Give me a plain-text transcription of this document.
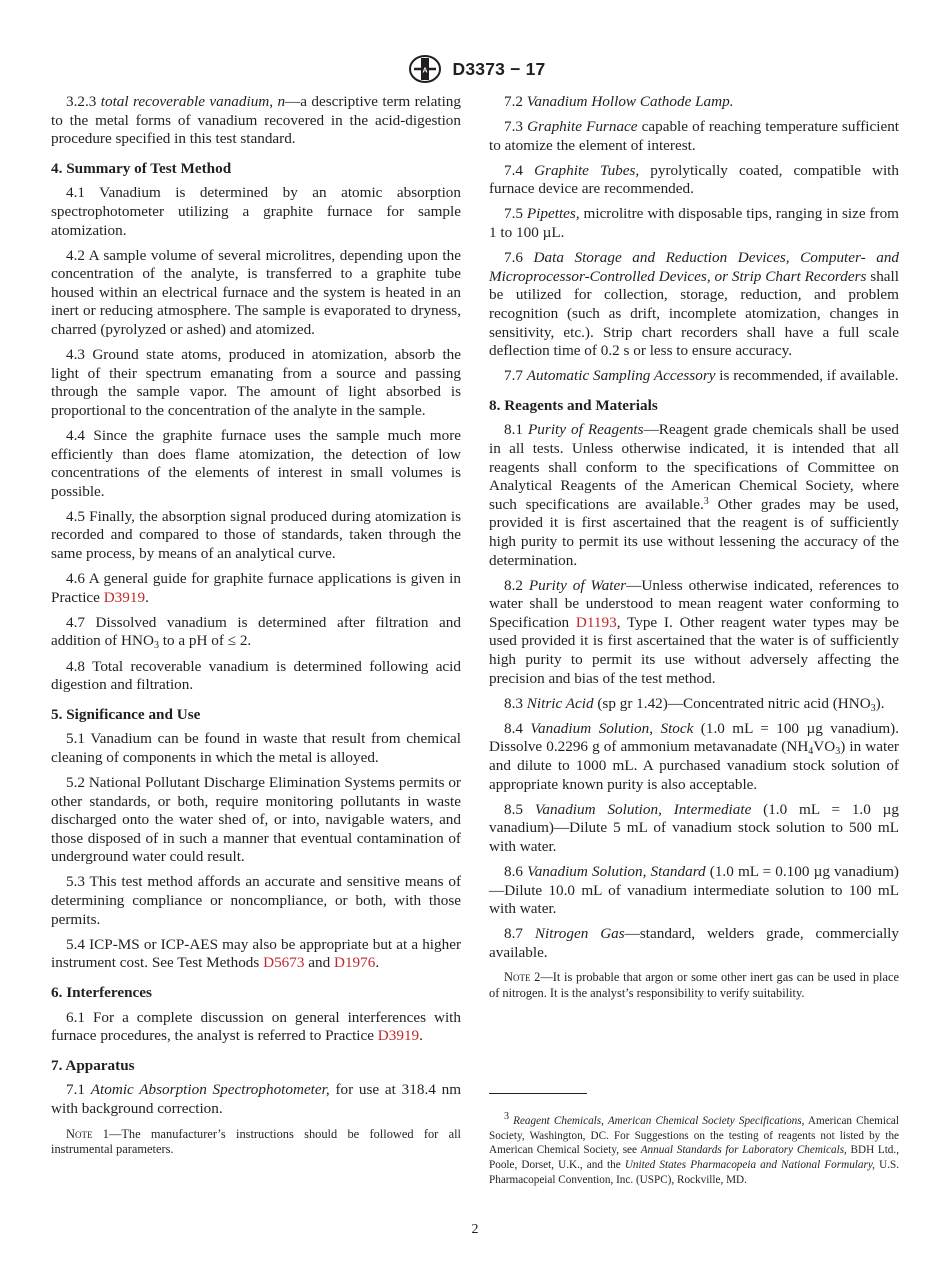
A D3373 − 17

3.2.3 total recoverable vanadium, n—a descriptive term relating to the metal forms of vanadium recovered in the acid-digestion procedure specified in this test standard.

4. Summary of Test Method

4.1 Vanadium is determined by an atomic absorption spectrophotometer utilizing a graphite furnace for sample atomization.

4.2 A sample volume of several microlitres, depending upon the concentration of the analyte, is transferred to a graphite tube housed within an electrical furnace and the system is heated in an inert or reducing atmosphere. The sample is evaporated to dryness, charred (pyrolyzed or ashed) and atomized.

4.3 Ground state atoms, produced in atomization, absorb the light of their spectrum emanating from a source and passing through the sample vapor. The amount of light absorbed is proportional to the concentration of the analyte in the sample.

4.4 Since the graphite furnace uses the sample much more efficiently than does flame atomization, the detection of low concentrations of the elements of interest in small volumes is possible.

4.5 Finally, the absorption signal produced during atomization is recorded and compared to those of standards, taken through the same process, by means of an analytical curve.

4.6 A general guide for graphite furnace applications is given in Practice D3919.

4.7 Dissolved vanadium is determined after filtration and addition of $HNO_3$ to a pH of ≤ 2.

4.8 Total recoverable vanadium is determined following acid digestion and filtration.

5. Significance and Use

5.1 Vanadium can be found in waste that result from chemical cleaning of components in which the metal is alloyed.

5.2 National Pollutant Discharge Elimination Systems permits or other standards, or both, require monitoring pollutants in waste discharged onto the water shed of, or into, navigable waters, and those disposed of in such a manner that eventual contamination of underground water could result.

5.3 This test method affords an accurate and sensitive means of determining compliance or noncompliance, or both, with those permits.

5.4 ICP-MS or ICP-AES may also be appropriate but at a higher instrument cost. See Test Methods D5673 and D1976.

6. Interferences

6.1 For a complete discussion on general interferences with furnace procedures, the analyst is referred to Practice D3919.

7. Apparatus

7.1 Atomic Absorption Spectrophotometer, for use at 318.4 nm with background correction.

Note 1—The manufacturer’s instructions should be followed for all instrumental parameters.

7.2 Vanadium Hollow Cathode Lamp.

7.3 Graphite Furnace capable of reaching temperature sufficient to atomize the element of interest.

7.4 Graphite Tubes, pyrolytically coated, compatible with furnace device are recommended.

7.5 Pipettes, microlitre with disposable tips, ranging in size from 1 to 100 µL.

7.6 Data Storage and Reduction Devices, Computer- and Microprocessor-Controlled Devices, or Strip Chart Recorders shall be utilized for collection, storage, reduction, and problem recognition (such as drift, incomplete atomization, changes in sensitivity, etc.). Strip chart recorders shall have a full scale deflection time of 0.2 s or less to ensure accuracy.

7.7 Automatic Sampling Accessory is recommended, if available.

8. Reagents and Materials

8.1 Purity of Reagents—Reagent grade chemicals shall be used in all tests. Unless otherwise indicated, it is intended that all reagents shall conform to the specifications of Committee on Analytical Reagents of the American Chemical Society, where such specifications are available.$^3$ Other grades may be used, provided it is first ascertained that the reagent is of sufficiently high purity to permit its use without lessening the accuracy of the determination.

8.2 Purity of Water—Unless otherwise indicated, references to water shall be understood to mean reagent water conforming to Specification D1193, Type I. Other reagent water types may be used provided it is first ascertained that the water is of sufficiently high purity to permit its use without adversely affecting the precision and bias of the test method.

8.3 Nitric Acid (sp gr 1.42)—Concentrated nitric acid $(HNO_3)$.

8.4 Vanadium Solution, Stock (1.0 mL = 100 µg vanadium). Dissolve 0.2296 g of ammonium metavanadate $(NH_4VO_3)$ in water and dilute to 1000 mL. A purchased vanadium stock solution of appropriate known purity is also acceptable.

8.5 Vanadium Solution, Intermediate (1.0 mL = 1.0 µg vanadium)—Dilute 5 mL of vanadium stock solution to 500 mL with water.

8.6 Vanadium Solution, Standard (1.0 mL = 0.100 µg vanadium)—Dilute 10.0 mL of vanadium intermediate solution to 100 mL with water.

8.7 Nitrogen Gas—standard, welders grade, commercially available.

Note 2—It is probable that argon or some other inert gas can be used in place of nitrogen. It is the analyst’s responsibility to verify suitability.

$^3$ Reagent Chemicals, American Chemical Society Specifications, American Chemical Society, Washington, DC. For Suggestions on the testing of reagents not listed by the American Chemical Society, see Annual Standards for Laboratory Chemicals, BDH Ltd., Poole, Dorset, U.K., and the United States Pharmacopeia and National Formulary, U.S. Pharmacopeial Convention, Inc. (USPC), Rockville, MD.

2
